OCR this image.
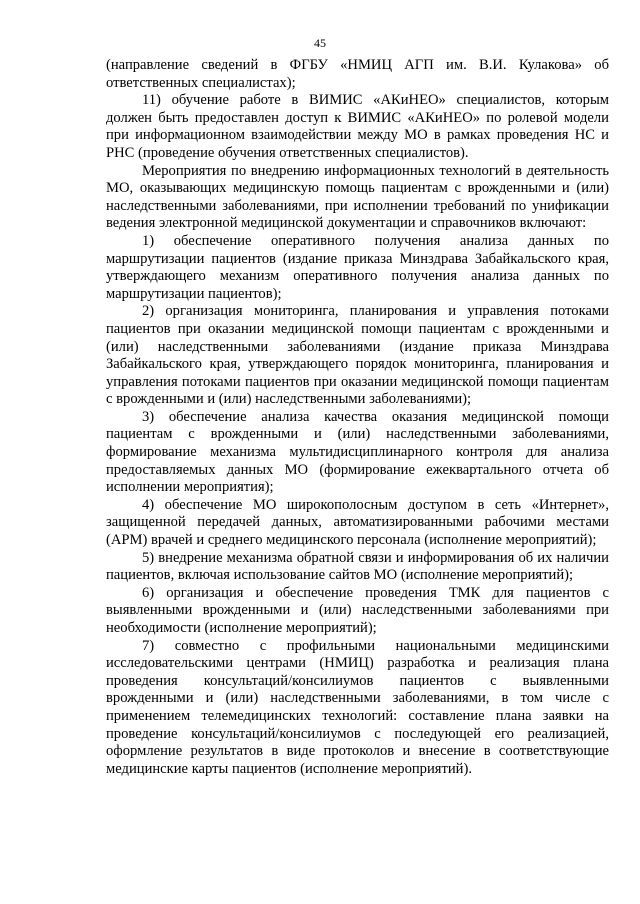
45

(направление сведений в ФГБУ «НМИЦ АГП им. В.И. Кулакова» об ответственных специалистах);

11) обучение работе в ВИМИС «АКиНЕО» специалистов, которым должен быть предоставлен доступ к ВИМИС «АКиНЕО» по ролевой модели при информационном взаимодействии между МО в рамках проведения НС и РНС (проведение обучения ответственных специалистов).

Мероприятия по внедрению информационных технологий в деятельность МО, оказывающих медицинскую помощь пациентам с врожденными и (или) наследственными заболеваниями, при исполнении требований по унификации ведения электронной медицинской документации и справочников включают:

1) обеспечение оперативного получения анализа данных по маршрутизации пациентов (издание приказа Минздрава Забайкальского края, утверждающего механизм оперативного получения анализа данных по маршрутизации пациентов);

2) организация мониторинга, планирования и управления потоками пациентов при оказании медицинской помощи пациентам с врожденными и (или) наследственными заболеваниями (издание приказа Минздрава Забайкальского края, утверждающего порядок мониторинга, планирования и управления потоками пациентов при оказании медицинской помощи пациентам с врожденными и (или) наследственными заболеваниями);

3) обеспечение анализа качества оказания медицинской помощи пациентам с врожденными и (или) наследственными заболеваниями, формирование механизма мультидисциплинарного контроля для анализа предоставляемых данных МО (формирование ежеквартального отчета об исполнении мероприятия);

4) обеспечение МО широкополосным доступом в сеть «Интернет», защищенной передачей данных, автоматизированными рабочими местами (АРМ) врачей и среднего медицинского персонала (исполнение мероприятий);

5) внедрение механизма обратной связи и информирования об их наличии пациентов, включая использование сайтов МО (исполнение мероприятий);

6) организация и обеспечение проведения ТМК для пациентов с выявленными врожденными и (или) наследственными заболеваниями при необходимости (исполнение мероприятий);

7) совместно с профильными национальными медицинскими исследовательскими центрами (НМИЦ) разработка и реализация плана проведения консультаций/консилиумов пациентов с выявленными врожденными и (или) наследственными заболеваниями, в том числе с применением телемедицинских технологий: составление плана заявки на проведение консультаций/консилиумов с последующей его реализацией, оформление результатов в виде протоколов и внесение в соответствующие медицинские карты пациентов (исполнение мероприятий).
